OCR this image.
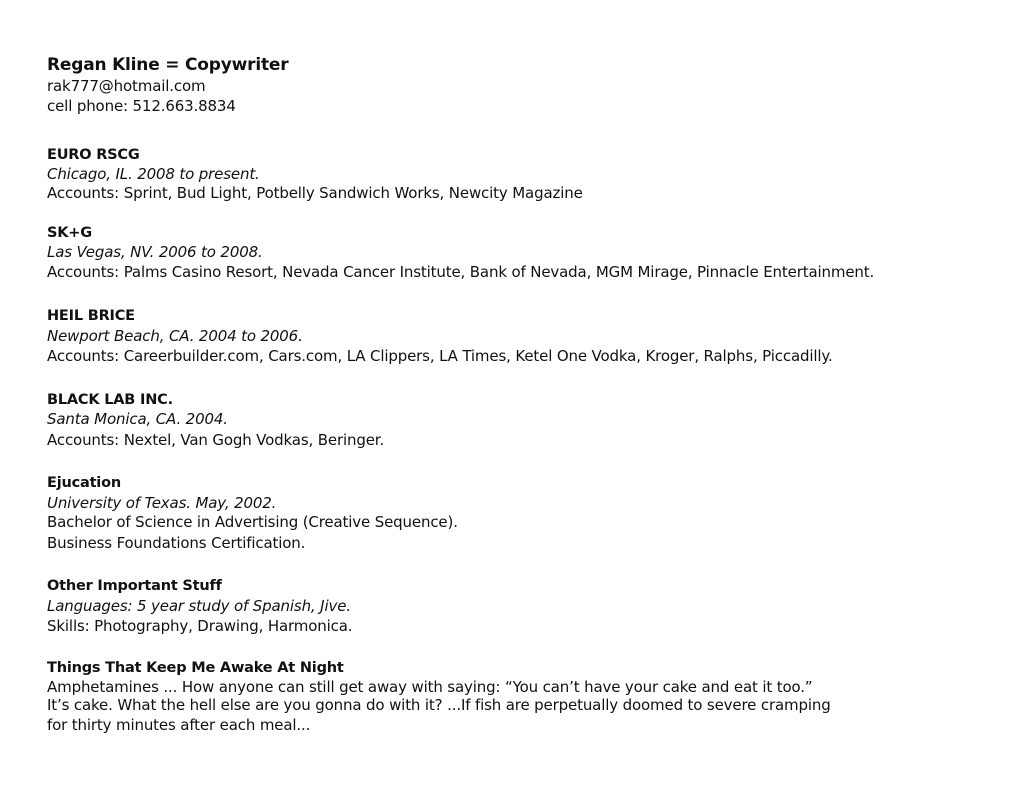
Regan Kline = Copywriter
rak777@hotmail.com
cell phone: 512.663.8834
EURO RSCG
Chicago, IL. 2008 to present.
Accounts: Sprint, Bud Light, Potbelly Sandwich Works, Newcity Magazine
SK+G
Las Vegas, NV. 2006 to 2008.
Accounts: Palms Casino Resort, Nevada Cancer Institute, Bank of Nevada, MGM Mirage, Pinnacle Entertainment.
HEIL BRICE
Newport Beach, CA. 2004 to 2006.
Accounts: Careerbuilder.com, Cars.com, LA Clippers, LA Times, Ketel One Vodka, Kroger, Ralphs, Piccadilly.
BLACK LAB INC.
Santa Monica, CA. 2004.
Accounts: Nextel, Van Gogh Vodkas, Beringer.
Ejucation
University of Texas. May, 2002.
Bachelor of Science in Advertising (Creative Sequence).
Business Foundations Certification.
Other Important Stuff
Languages: 5 year study of Spanish, Jive.
Skills: Photography, Drawing, Harmonica.
Things That Keep Me Awake At Night
Amphetamines ... How anyone can still get away with saying: “You can’t have your cake and eat it too.”
It’s cake. What the hell else are you gonna do with it? ...If fish are perpetually doomed to severe cramping
for thirty minutes after each meal...
